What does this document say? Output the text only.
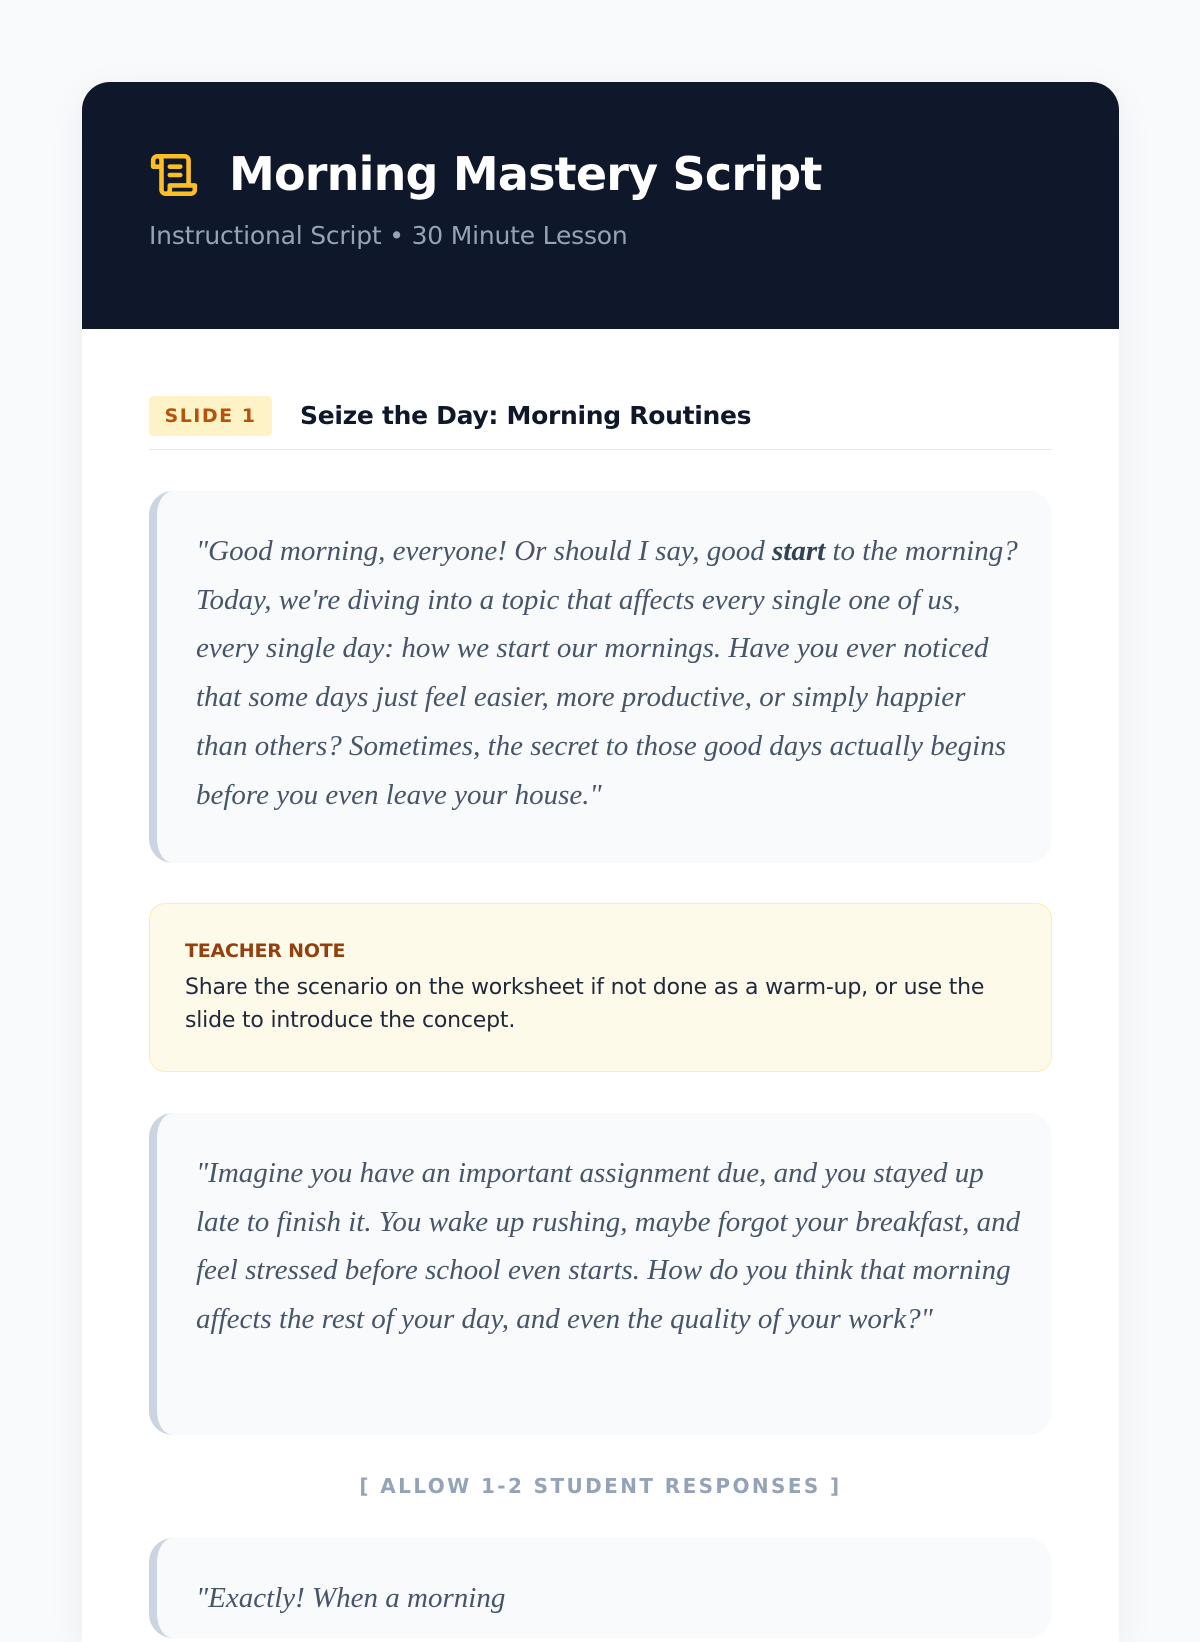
Morning Mastery Script
Instructional Script • 30 Minute Lesson
SLIDE 1	Seize the Day: Morning Routines
"Good morning, everyone! Or should I say, good start to the morning? Today, we're diving into a topic that affects every single one of us, every single day: how we start our mornings. Have you ever noticed that some days just feel easier, more productive, or simply happier than others? Sometimes, the secret to those good days actually begins before you even leave your house."
TEACHER NOTE
Share the scenario on the worksheet if not done as a warm-up, or use the slide to introduce the concept.
"Imagine you have an important assignment due, and you stayed up late to finish it. You wake up rushing, maybe forgot your breakfast, and feel stressed before school even starts. How do you think that morning affects the rest of your day, and even the quality of your work?"
[ ALLOW 1-2 STUDENT RESPONSES ]
"Exactly! When a morning
